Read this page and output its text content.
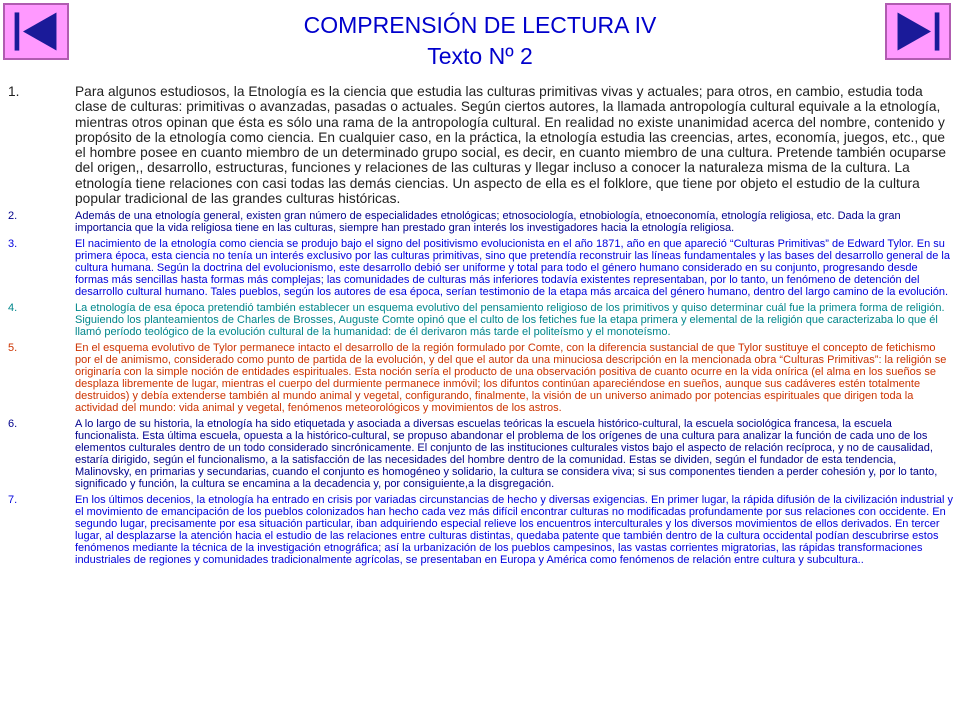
COMPRENSIÓN DE LECTURA IV
Texto Nº 2
1.	Para algunos estudiosos, la Etnología es la ciencia que estudia las culturas primitivas vivas y actuales; para otros, en cambio, estudia toda clase de culturas: primitivas o avanzadas, pasadas o actuales. Según ciertos autores, la llamada antropología cultural equivale a la etnología, mientras otros opinan que ésta es sólo una rama de la antropología cultural. En realidad no existe unanimidad acerca del nombre, contenido y propósito de la etnología como ciencia. En cualquier caso, en la práctica, la etnología estudia las creencias, artes, economía, juegos, etc., que el hombre posee en cuanto miembro de un determinado grupo social, es decir, en cuanto miembro de una cultura. Pretende también ocuparse del origen,, desarrollo, estructuras, funciones y relaciones de las culturas y llegar incluso a conocer la naturaleza misma de la cultura. La etnología tiene relaciones con casi todas las demás ciencias. Un aspecto de ella es el folklore, que tiene por objeto el estudio de la cultura popular tradicional de las grandes culturas históricas.
2.	Además de una etnología general, existen gran número de especialidades etnológicas; etnosociología, etnobiología, etnoeconomía, etnología religiosa, etc. Dada la gran importancia que la vida religiosa tiene en las culturas, siempre han prestado gran interés los investigadores hacia la etnología religiosa.
3.	El nacimiento de la etnología como ciencia se produjo bajo el signo del positivismo evolucionista en el año 1871, año en que apareció “Culturas Primitivas” de Edward Tylor. En su primera época, esta ciencia no tenía un interés exclusivo por las culturas primitivas, sino que pretendía reconstruir las líneas fundamentales y las bases del desarrollo general de la cultura humana. Según la doctrina del evolucionismo, este desarrollo debió ser uniforme y total para todo el género humano considerado en su conjunto, progresando desde formas más sencillas hasta formas más complejas; las comunidades de culturas más inferiores todavía existentes representaban, por lo tanto, un fenómeno de detención del desarrollo cultural humano. Tales pueblos, según los autores de esa época, serían testimonio de la etapa más arcaica del género humano, dentro del largo camino de la evolución.
4.	La etnología de esa época pretendió también establecer un esquema evolutivo del pensamiento religioso de los primitivos y quiso determinar cuál fue la primera forma de religión. Siguiendo los planteamientos de Charles de Brosses, Auguste Comte opinó que el culto de los fetiches fue la etapa primera y elemental de la religión que caracterizaba lo que él llamó período teológico de la evolución cultural de la humanidad: de él derivaron más tarde el politeísmo y el monoteísmo.
5.	En el esquema evolutivo de Tylor permanece intacto el desarrollo de la región formulado por Comte, con la diferencia sustancial de que Tylor sustituye el concepto de fetichismo por el de animismo, considerado como punto de partida de la evolución, y del que el autor da una minuciosa descripción en la mencionada obra “Culturas Primitivas”: la religión se originaría con la simple noción de entidades espirituales. Esta noción sería el producto de una observación positiva de cuanto ocurre en la vida onírica (el alma en los sueños se desplaza libremente de lugar, mientras el cuerpo del durmiente permanece inmóvil; los difuntos continúan apareciéndose en sueños, aunque sus cadáveres estén totalmente destruidos) y debía extenderse también al mundo animal y vegetal, configurando, finalmente, la visión de un universo animado por potencias espirituales que dirigen toda la actividad del mundo: vida animal y vegetal, fenómenos meteorológicos y movimientos de los astros.
6.	A lo largo de su historia, la etnología ha sido etiquetada y asociada a diversas escuelas teóricas la escuela histórico-cultural, la escuela sociológica francesa, la escuela funcionalista. Esta última escuela, opuesta a la histórico-cultural, se propuso abandonar el problema de los orígenes de una cultura para analizar la función de cada uno de los elementos culturales dentro de un todo considerado sincrónicamente. El conjunto de las instituciones culturales vistos bajo el aspecto de relación recíproca, y no de causalidad, estaría dirigido, según el funcionalismo, a la satisfacción de las necesidades del hombre dentro de la comunidad. Estas se dividen, según el fundador de esta tendencia, Malinovsky, en primarias y secundarias, cuando el conjunto es homogéneo y solidario, la cultura se considera viva; si sus componentes tienden a perder cohesión y, por lo tanto, significado y función, la cultura se encamina a la decadencia y, por consiguiente,a la disgregación.
7.	En los últimos decenios, la etnología ha entrado en crisis por variadas circunstancias de hecho y diversas exigencias. En primer lugar, la rápida difusión de la civilización industrial y el movimiento de emancipación de los pueblos colonizados han hecho cada vez más difícil encontrar culturas no modificadas profundamente por sus relaciones con occidente. En segundo lugar, precisamente por esa situación particular, iban adquiriendo especial relieve los encuentros interculturales y los diversos movimientos de ellos derivados. En tercer lugar, al desplazarse la atención hacia el estudio de las relaciones entre culturas distintas, quedaba patente que también dentro de la cultura occidental podían descubrirse estos fenómenos mediante la técnica de la investigación etnográfica; así la urbanización de los pueblos campesinos, las vastas corrientes migratorias, las rápidas transformaciones industriales de regiones y comunidades tradicionalmente agrícolas, se presentaban en Europa y América como fenómenos de relación entre cultura y subcultura..
